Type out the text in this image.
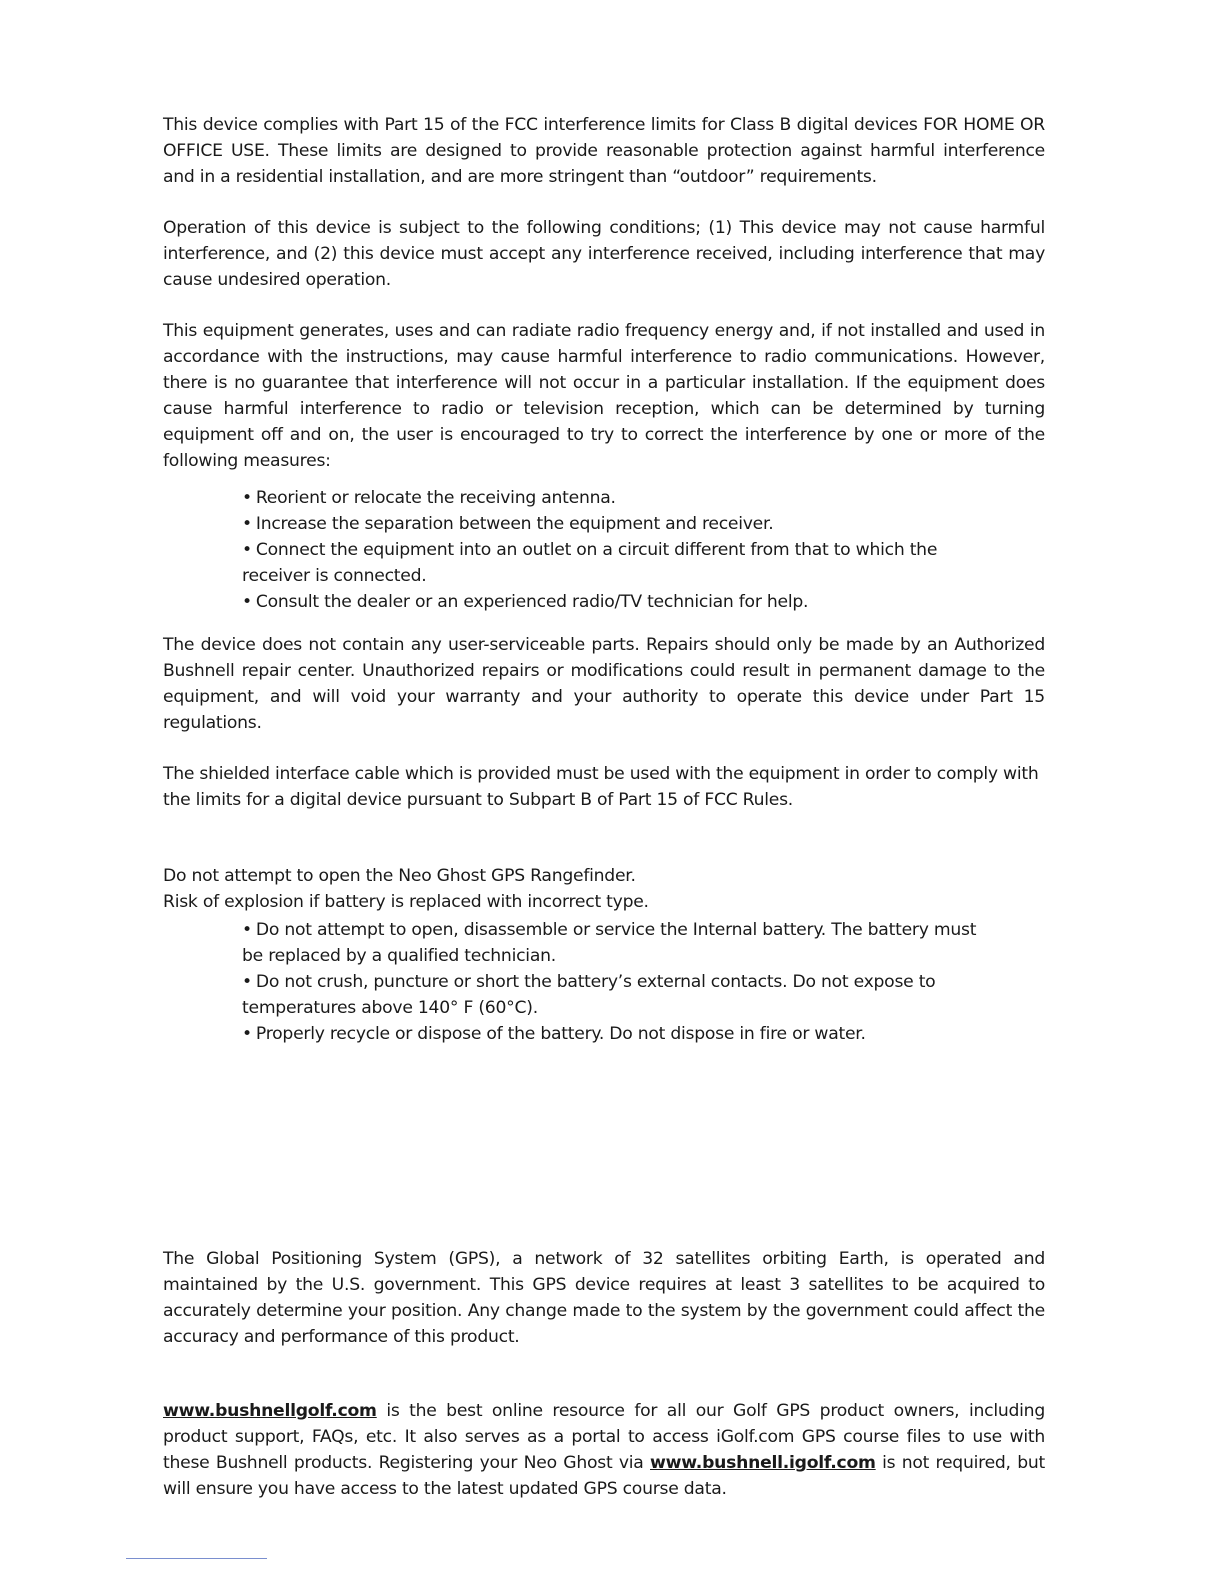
This device complies with Part 15 of the FCC interference limits for Class B digital devices FOR HOME OR OFFICE USE. These limits are designed to provide reasonable protection against harmful interference and in a residential installation, and are more stringent than “outdoor” requirements.

Operation of this device is subject to the following conditions; (1) This device may not cause harmful interference, and (2) this device must accept any interference received, including interference that may cause undesired operation.

This equipment generates, uses and can radiate radio frequency energy and, if not installed and used in accordance with the instructions, may cause harmful interference to radio communications. However, there is no guarantee that interference will not occur in a particular installation. If the equipment does cause harmful interference to radio or television reception, which can be determined by turning equipment off and on, the user is encouraged to try to correct the interference by one or more of the following measures:

• Reorient or relocate the receiving antenna.
• Increase the separation between the equipment and receiver.
• Connect the equipment into an outlet on a circuit different from that to which the receiver is connected.
• Consult the dealer or an experienced radio/TV technician for help.

The device does not contain any user-serviceable parts. Repairs should only be made by an Authorized Bushnell repair center. Unauthorized repairs or modifications could result in permanent damage to the equipment, and will void your warranty and your authority to operate this device under Part 15 regulations.

The shielded interface cable which is provided must be used with the equipment in order to comply with the limits for a digital device pursuant to Subpart B of Part 15 of FCC Rules.

Do not attempt to open the Neo Ghost GPS Rangefinder.

Risk of explosion if battery is replaced with incorrect type.

• Do not attempt to open, disassemble or service the Internal battery. The battery must be replaced by a qualified technician.
• Do not crush, puncture or short the battery’s external contacts. Do not expose to temperatures above 140° F (60°C).
• Properly recycle or dispose of the battery. Do not dispose in fire or water.

The Global Positioning System (GPS), a network of 32 satellites orbiting Earth, is operated and maintained by the U.S. government. This GPS device requires at least 3 satellites to be acquired to accurately determine your position. Any change made to the system by the government could affect the accuracy and performance of this product.

www.bushnellgolf.com is the best online resource for all our Golf GPS product owners, including product support, FAQs, etc. It also serves as a portal to access iGolf.com GPS course files to use with these Bushnell products. Registering your Neo Ghost via www.bushnell.igolf.com is not required, but will ensure you have access to the latest updated GPS course data.
